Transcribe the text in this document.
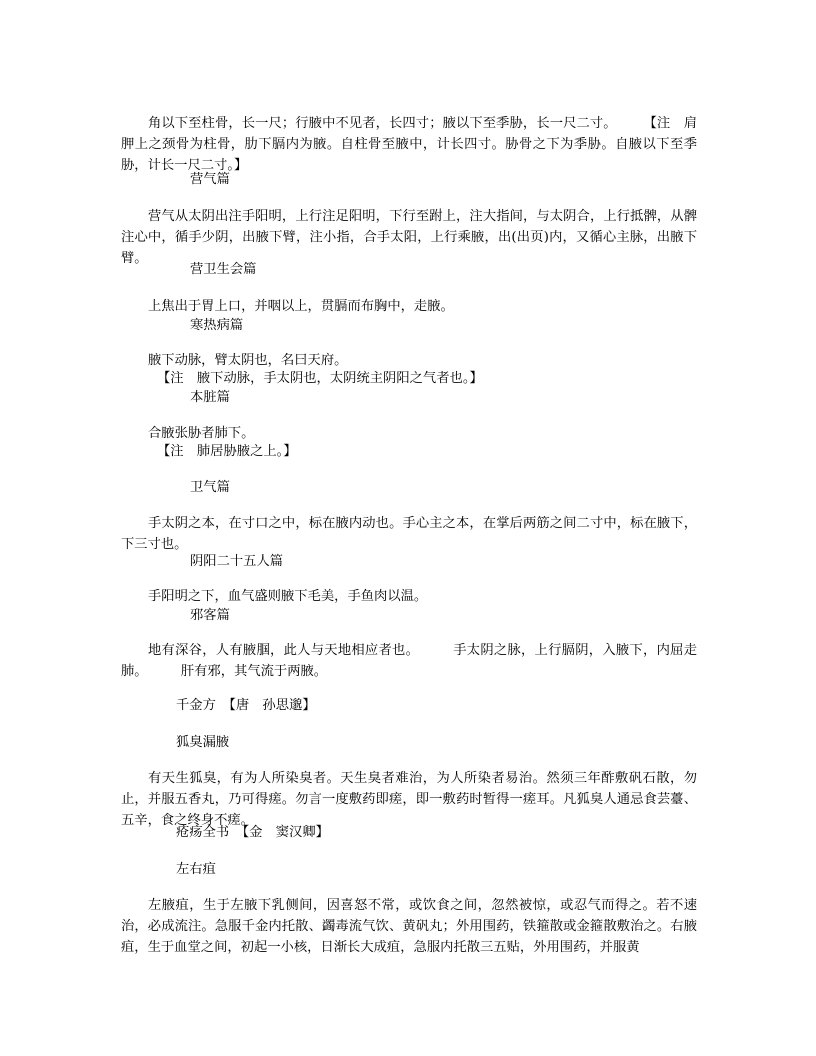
角以下至柱骨，长一尺；行腋中不见者，长四寸；腋以下至季胁，长一尺二寸。　　　【注　肩胛上之颈骨为柱骨，肋下膈内为腋。自柱骨至腋中，计长四寸。胁骨之下为季胁。自腋以下至季胁，计长一尺二寸。】
营气篇
营气从太阴出注手阳明，上行注足阳明，下行至跗上，注大指间，与太阴合，上行抵髀，从髀注心中，循手少阴，出腋下臂，注小指，合手太阳，上行乘腋，出(出页)内，又循心主脉，出腋下臂。
营卫生会篇
上焦出于胃上口，并咽以上，贯膈而布胸中，走腋。
寒热病篇
腋下动脉，臂太阴也，名曰天府。
【注　腋下动脉，手太阴也，太阴统主阴阳之气者也。】
本脏篇
合腋张胁者肺下。
【注　肺居胁腋之上。】
卫气篇
手太阴之本，在寸口之中，标在腋内动也。手心主之本，在掌后两筋之间二寸中，标在腋下，下三寸也。
阴阳二十五人篇
手阳明之下，血气盛则腋下毛美，手鱼肉以温。
邪客篇
地有深谷，人有腋腘，此人与天地相应者也。　　　手太阴之脉，上行膈阴，入腋下，内屈走肺。　　　肝有邪，其气流于两腋。
千金方　【唐　孙思邈】
狐臭漏腋
有天生狐臭，有为人所染臭者。天生臭者难治，为人所染者易治。然须三年酢敷矾石散，勿止，并服五香丸，乃可得瘥。勿言一度敷药即瘥，即一敷药时暂得一瘥耳。凡狐臭人通忌食芸薹、五辛，食之终身不瘥。
疮疡全书　【金　窦汉卿】
左右疽
左腋疽，生于左腋下乳侧间，因喜怒不常，或饮食之间，忽然被惊，或忍气而得之。若不速治，必成流注。急服千金内托散、蠲毒流气饮、黄矾丸；外用围药，铁箍散或金箍散敷治之。右腋疽，生于血堂之间，初起一小核，日渐长大成疽，急服内托散三五贴，外用围药，并服黄
